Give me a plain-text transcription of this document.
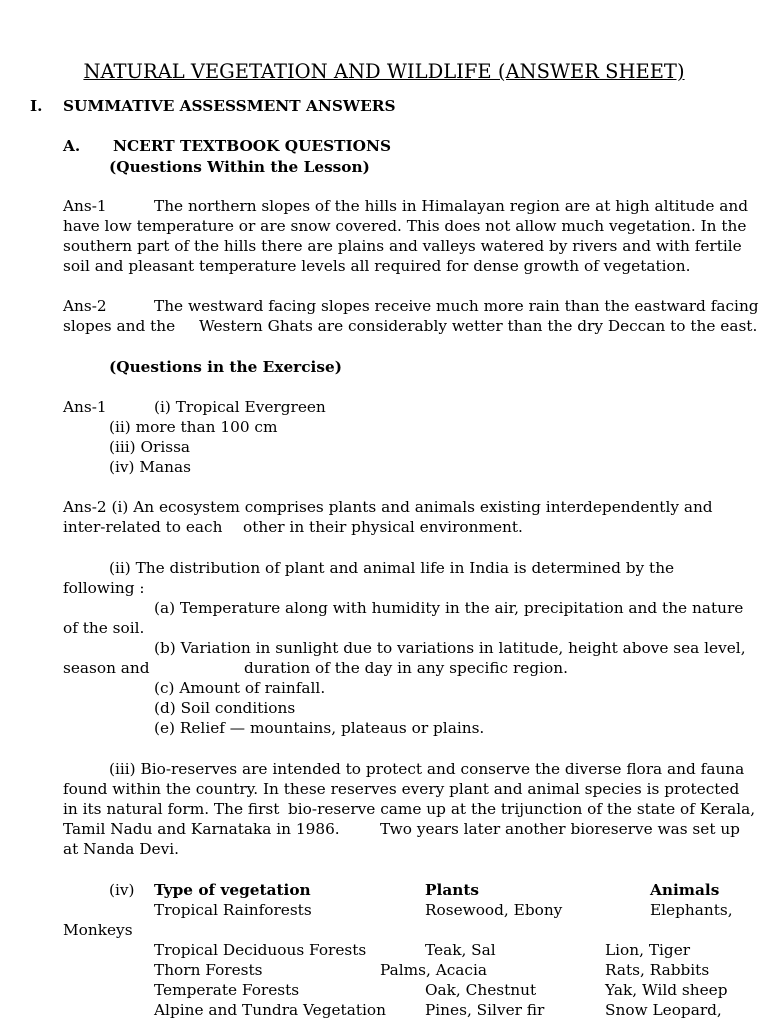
NATURAL VEGETATION AND WILDLIFE (ANSWER SHEET)
I. SUMMATIVE ASSESSMENT ANSWERS
A. NCERT TEXTBOOK QUESTIONS
(Questions Within the Lesson)
Ans-1	The northern slopes of the hills in Himalayan region are at high altitude and
have low temperature or are snow covered. This does not allow much vegetation. In the
southern part of the hills there are plains and valleys watered by rivers and with fertile
soil and pleasant temperature levels all required for dense growth of vegetation.
Ans-2	The westward facing slopes receive much more rain than the eastward facing
slopes and the Western Ghats are considerably wetter than the dry Deccan to the east.
(Questions in the Exercise)
Ans-1	(i) Tropical Evergreen
(ii) more than 100 cm
(iii) Orissa
(iv) Manas
Ans-2 (i) An ecosystem comprises plants and animals existing interdependently and
inter-related to each other in their physical environment.
(ii) The distribution of plant and animal life in India is determined by the
following :
(a) Temperature along with humidity in the air, precipitation and the nature
of the soil.
(b) Variation in sunlight due to variations in latitude, height above sea level,
season and	duration of the day in any specific region.
(c) Amount of rainfall.
(d) Soil conditions
(e) Relief — mountains, plateaus or plains.
(iii) Bio-reserves are intended to protect and conserve the diverse flora and fauna
found within the country. In these reserves every plant and animal species is protected
in its natural form. The first bio-reserve came up at the trijunction of the state of Kerala,
Tamil Nadu and Karnataka in 1986.	Two years later another bioreserve was set up
at Nanda Devi.
(iv) Type of vegetation	Plants	Animals
Tropical Rainforests	Rosewood, Ebony	Elephants,
Monkeys
Tropical Deciduous Forests	Teak, Sal	Lion, Tiger
Thorn Forests	Palms, Acacia	Rats, Rabbits
Temperate Forests	Oak, Chestnut	Yak, Wild sheep
Alpine and Tundra Vegetation	Pines, Silver fir	Snow Leopard,
